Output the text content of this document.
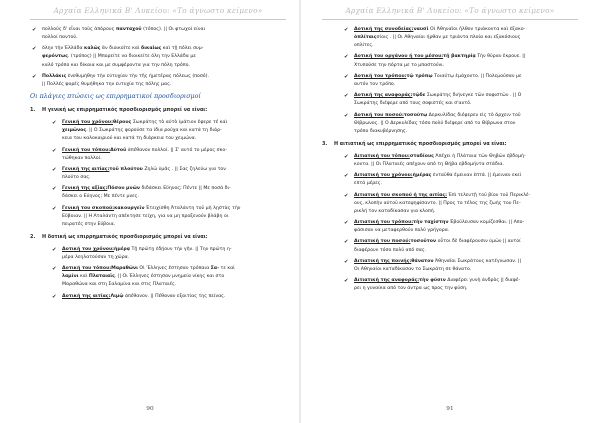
Αρχαία Ελληνικά Β' Λυκείου: «Το άγνωστο κείμενο»
✔ πολλούς δ' εἶναι τοὺς ἀπόρους πανταχοῦ (τόπος). || Οι φτωχοί είναι
πολλοί παντού.
✔ ὅλην τὴν Ἑλλάδα καλῶς ἂν διοικοῖτε καὶ δικαίως καὶ τῇ πόλει συμ-
φερόντως. (τρόπος) || Μπορείτε να διοικείτε όλη την Ελλάδα με
καλό τρόπο και δίκαια και με συμφέροντα για την πόλη τρόπο.
✔ Πολλάκις ἐνεθυμήθην τὴν εὐτυχίαν τὴν τῆς ἡμετέρας πόλεως (ποσό).
|| Πολλές φορές θυμήθηκα την ευτυχία της πόλης μας.
Οι πλάγιες πτώσεις ως επιρρηματικοί προσδιορισμοί
1. Η γενική ως επιρρηματικός προσδιορισμός μπορεί να είναι:
✔ Γενική του χρόνου:θέρους Σωκράτης τὸ αὐτὸ ἱμάτιον ἔφερε τέ καὶ
χειμῶνος. || Ο Σωκράτης φορούσε τα ίδια ρούχα και κατά τη διάρ-
κεια του καλοκαιριού και κατά τη διάρκεια του χειμώνα.
✔ Γενική του τόπου:Αὐτοῦ ἀπέθανον πολλοί. || Σ' αυτό το μέρος σκο-
τώθηκαν πολλοί.
✔ Γενική της αιτίας:τοῦ πλούτου Ζηλῶ ὑμᾶς . || Σας ζηλεύω για τον
πλούτο σας.
✔ Γενική της αξίας:Πόσου μνῶν διδάσκει Εὔηνος; Πέντε || Με ποσά δι-
δάσκει ο Εύηνος; Με πέντε μνες.
✔ Γενική του σκοπού:κακουργεῖν Ἐτειχίσθη Ἀταλάντη τοῦ μὴ λῃστὰς τὴν
Εὔβοιαν. || Η Αταλάντη απέκτησε τείχη, για να μη προξενούν βλάβη οι
πειρατές στην Εύβοια.
2. Η δοτική ως επιρρηματικός προσδιορισμός μπορεί να είναι:
✔ Δοτική του χρόνου:ἡμέρᾳ Τῇ πρώτῃ ἐδῄουν τὴν γῆν. || Την πρώτη η-
μέρα λεηλατούσαν τη χώρα.
✔ Δοτική του τόπου:Μαραθῶνι Οἱ Ἕλληνες ἔστησαν τρόπαια Σα- τε καὶ
λαμῖνι καὶ Πλαταιαῖς. || Οι Έλληνες έστησαν μνημεία νίκης και στο
Μαραθώνα και στη Σαλαμίνα και στις Πλαταιές.
✔ Δοτική της αιτίας:Λιμῷ ἀπέθανον. || Πέθαναν εξαιτίας της πείνας.
90
Αρχαία Ελληνικά Β' Λυκείου: «Το άγνωστο κείμενο»
✔ Δοτική της συνοδείας:ναυσὶ Οἱ Ἀθηναῖοι ἦλθον τριάκοντα καὶ ἑξακο-
ὁπλίταιςσίοις . || Οι Αθηναίοι ήρθαν με τριάντα πλοία και εξακόσιους
οπλίτες.
✔ Δοτική του οργάνου ή του μέσου:τῇ βακτηρίᾳ Τὴν θύραν ἔκρουε. ||
Χτυπούσε την πόρτα με το μπαστούνι.
✔ Δοτική του τρόπου:τῷ τρόπῳ Τοιαύτῳ ἐμάχοντο. || Πολεμούσαν με
αυτόν τον τρόπο.
✔ Δοτική της αναφοράς:τῷδε Σωκράτης διήνεγκε τῶν σοφιστῶν . || Ο
Σωκράτης διέφερε από τους σοφιστές και σ'αυτό.
✔ Δοτική του ποσού:τοσούτῳ Δερκυλίδας διέφερεν εἰς τὸ ἄρχειν τοῦ
Θίβρωνος. || Ο Δερκυλίδας τόσο πολύ διέφερε από το Θίβρωνα στον
τρόπο διακυβέρνησης.
3. Η αιτιατική ως επιρρηματικός προσδιορισμός μπορεί να είναι:
✔ Αιτιατική του τόπου:σταδίους Ἀπέχει ἡ Πλάταια τῶν Θηβῶν ἑβδομή-
κοντα. || Οι Πλαταιές απέχουν από τη Θήβα εβδομήντα στάδια.
✔ Αιτιατική του χρόνου:ἡμέρας ἐνταῦθα ἔμειναν ἑπτά. || έμειναν εκεί
επτά μέρες.
✔ Αιτιατική του σκοπού ή της αιτίας: Ἐπὶ τελευτῇ τοῦ βίου τοῦ Περικλέ-
ους, κλοπὴν αὐτοῦ κατεψηφίσαντο. || Προς το τέλος της ζωής του Πε-
ρικλή τον καταδίκασαν για κλοπή.
✔ Αιτιατική του τρόπου:τὴν ταχίστην Ἐβούλευσαν κομίζεσθαι. || Απο-
φάσισαν να μεταφερθούν πολύ γρήγορα.
✔ Αιτιατική του ποσού:τοσοῦτον οὗτοι δὲ διαφέρουσιν ὑμῶν || αυτοί
διαφέρουν τόσο πολύ από σας.
✔ Αιτιατική της ποινής:θάνατον Ἀθηναῖοι Σωκράτους κατέγνωσαν. ||
Οι Αθηναίοι καταδίκασαν το Σωκράτη σε θάνατο.
✔ Αιτιατική της αναφοράς:τὴν φύσιν Διαφέρει γυνὴ ἀνδρὸς || διαφέ-
ρει η γυναίκα από τον άντρα ως προς την φύση.
91
